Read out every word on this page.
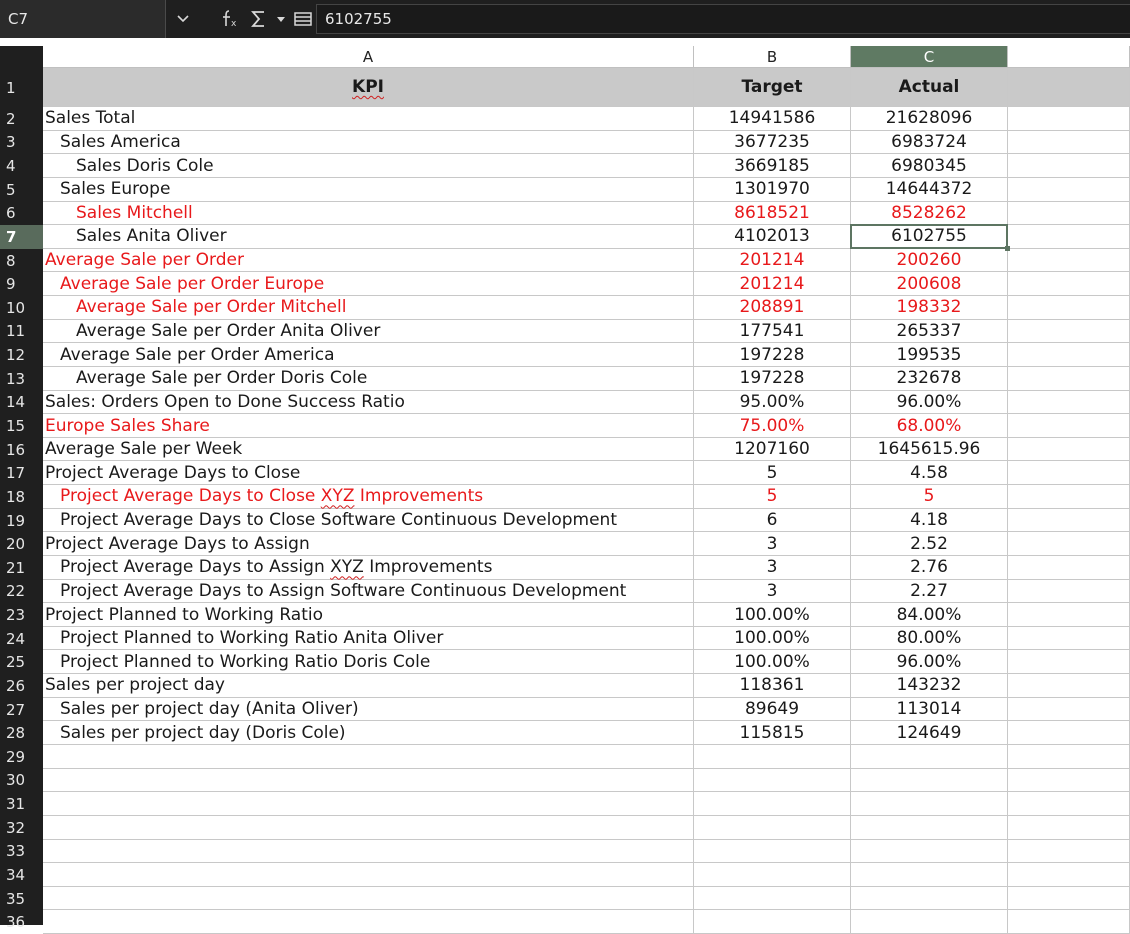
C7	x	6102755
A	B	C
1
2
3
4
5
6
7
8
9
10
11
12
13
14
15
16
17
18
19
20
21
22
23
24
25
26
27
28
29
30
31
32
33
34
35
36
KPI	Target	Actual
Sales Total	14941586	21628096
Sales America	3677235	6983724
Sales Doris Cole	3669185	6980345
Sales Europe	1301970	14644372
Sales Mitchell	8618521	8528262
Sales Anita Oliver	4102013	6102755
Average Sale per Order	201214	200260
Average Sale per Order Europe	201214	200608
Average Sale per Order Mitchell	208891	198332
Average Sale per Order Anita Oliver	177541	265337
Average Sale per Order America	197228	199535
Average Sale per Order Doris Cole	197228	232678
Sales: Orders Open to Done Success Ratio	95.00%	96.00%
Europe Sales Share	75.00%	68.00%
Average Sale per Week	1207160	1645615.96
Project Average Days to Close	5	4.58
Project Average Days to Close XYZ Improvements	5	5
Project Average Days to Close Software Continuous Development	6	4.18
Project Average Days to Assign	3	2.52
Project Average Days to Assign XYZ Improvements	3	2.76
Project Average Days to Assign Software Continuous Development	3	2.27
Project Planned to Working Ratio	100.00%	84.00%
Project Planned to Working Ratio Anita Oliver	100.00%	80.00%
Project Planned to Working Ratio Doris Cole	100.00%	96.00%
Sales per project day	118361	143232
Sales per project day (Anita Oliver)	89649	113014
Sales per project day (Doris Cole)	115815	124649
